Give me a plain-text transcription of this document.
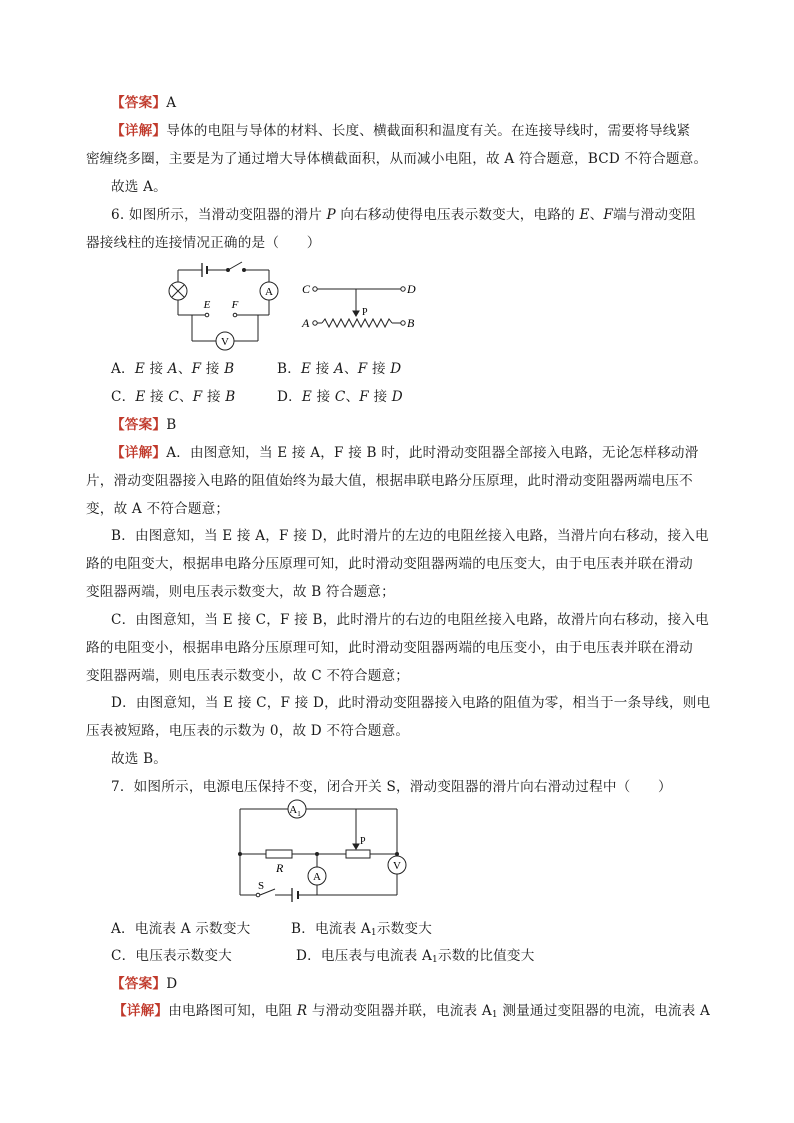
【答案】A
【详解】导体的电阻与导体的材料、长度、横截面积和温度有关。在连接导线时，需要将导线紧
密缠绕多圈，主要是为了通过增大导体横截面积，从而减小电阻，故 A 符合题意，BCD 不符合题意。
故选 A。
6. 如图所示，当滑动变阻器的滑片 P 向右移动使得电压表示数变大，电路的 E、F端与滑动变阻
器接线柱的连接情况正确的是（　　）
A
V
E F
C	D
P
A	B
A．E 接 A、F 接 B	B．E 接 A、F 接 D
C．E 接 C、F 接 B	D．E 接 C、F 接 D
【答案】B
【详解】A．由图意知，当 E 接 A，F 接 B 时，此时滑动变阻器全部接入电路，无论怎样移动滑
片，滑动变阻器接入电路的阻值始终为最大值，根据串联电路分压原理，此时滑动变阻器两端电压不
变，故 A 不符合题意；
B．由图意知，当 E 接 A，F 接 D，此时滑片的左边的电阻丝接入电路，当滑片向右移动，接入电
路的电阻变大，根据串电路分压原理可知，此时滑动变阻器两端的电压变大，由于电压表并联在滑动
变阻器两端，则电压表示数变大，故 B 符合题意；
C．由图意知，当 E 接 C，F 接 B，此时滑片的右边的电阻丝接入电路，故滑片向右移动，接入电
路的电阻变小，根据串电路分压原理可知，此时滑动变阻器两端的电压变小，由于电压表并联在滑动
变阻器两端，则电压表示数变小，故 C 不符合题意；
D．由图意知，当 E 接 C，F 接 D，此时滑动变阻器接入电路的阻值为零，相当于一条导线，则电
压表被短路，电压表的示数为 0，故 D 不符合题意。
故选 B。
7．如图所示，电源电压保持不变，闭合开关 S，滑动变阻器的滑片向右滑动过程中（　　）
$A_1$
P
R
A
V
S
A．电流表 A 示数变大	B．电流表 $A_1$示数变大
C．电压表示数变大	D．电压表与电流表 $A_1$示数的比值变大
【答案】D
【详解】由电路图可知，电阻 R 与滑动变阻器并联，电流表 $A_1$ 测量通过变阻器的电流，电流表 A
